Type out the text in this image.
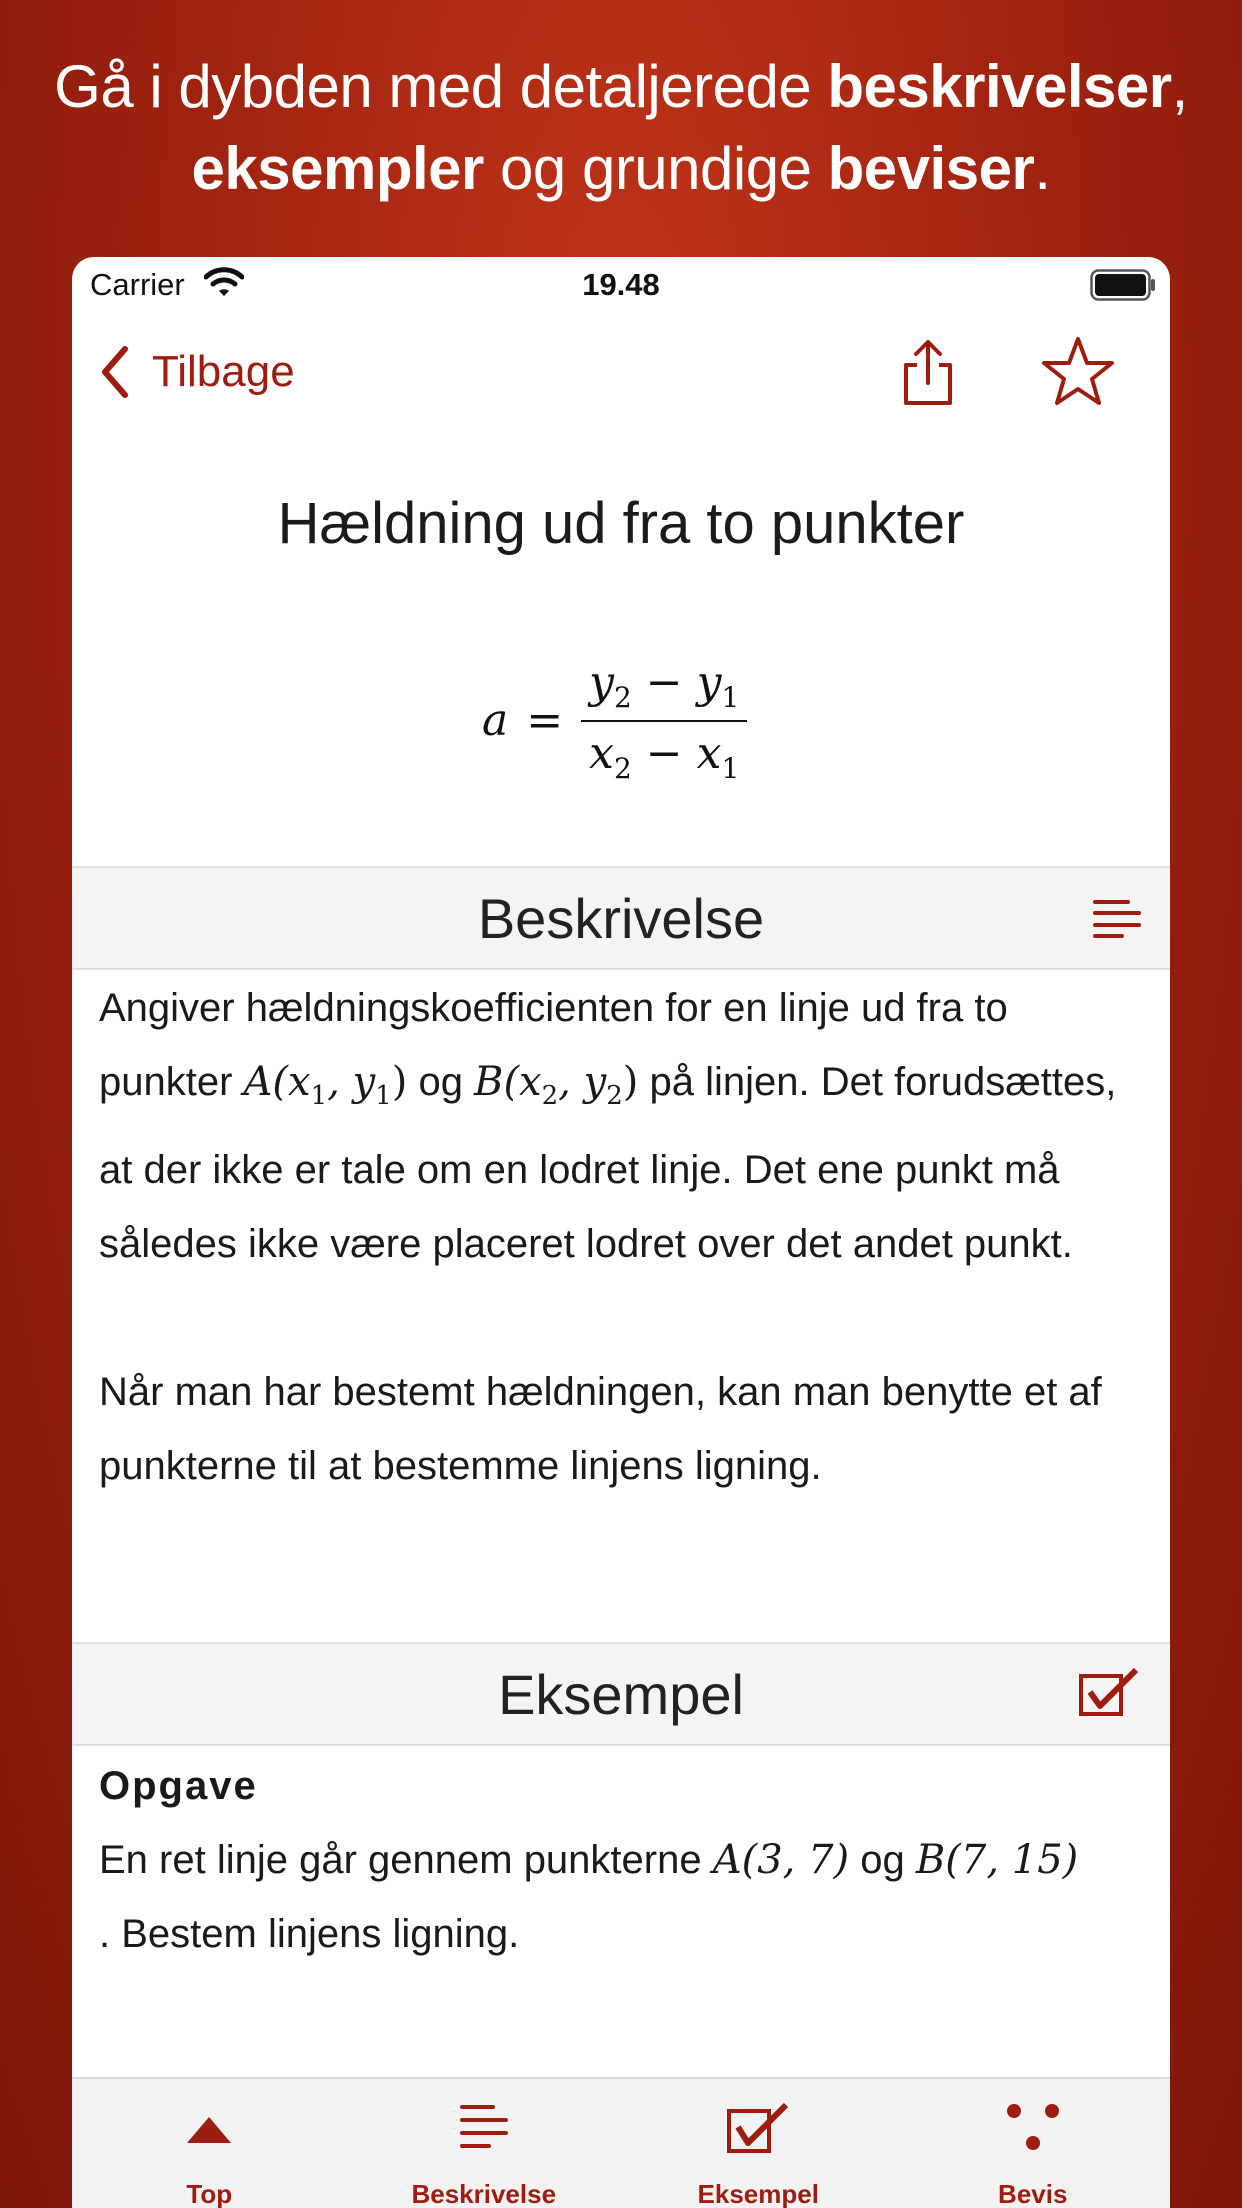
Gå i dybden med detaljerede beskrivelser,
eksempler og grundige beviser.
Carrier	19.48
Tilbage
Hældning ud fra to punkter
$a = \frac{y_2 - y_1}{x_2 - x_1}$
Beskrivelse

Angiver hældningskoefficienten for en linje ud fra to punkter $A(x_1$, $y_1$) og $B(x_2$, $y_2$) på linjen. Det forudsættes, at der ikke er tale om en lodret linje. Det ene punkt må således ikke være placeret lodret over det andet punkt.

Når man har bestemt hældningen, kan man benytte et af punkterne til at bestemme linjens ligning.

Eksempel

Opgave

En ret linje går gennem punkterne A(3, 7) og B(7, 15)
. Bestem linjens ligning.

Top	Beskrivelse	Eksempel	Bevis
